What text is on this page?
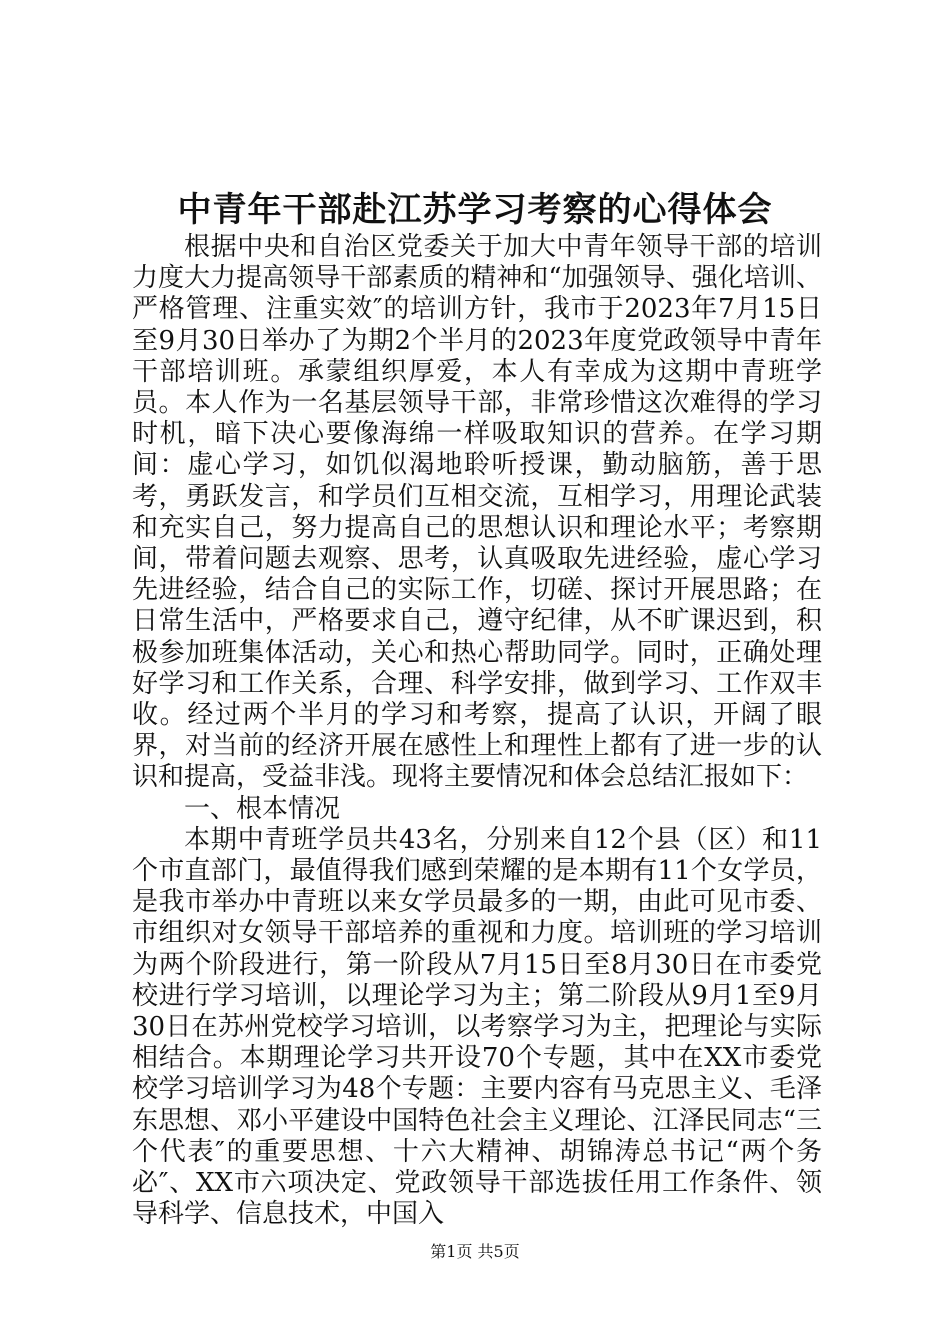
中青年干部赴江苏学习考察的心得体会

根据中央和自治区党委关于加大中青年领导干部的培训力度大力提高领导干部素质的精神和“加强领导、强化培训、严格管理、注重实效″的培训方针，我市于2023年7月15日至9月30日举办了为期2个半月的2023年度党政领导中青年干部培训班。承蒙组织厚爱，本人有幸成为这期中青班学员。本人作为一名基层领导干部，非常珍惜这次难得的学习时机，暗下决心要像海绵一样吸取知识的营养。在学习期间：虚心学习，如饥似渴地聆听授课，勤动脑筋，善于思考，勇跃发言，和学员们互相交流，互相学习，用理论武装和充实自己，努力提高自己的思想认识和理论水平；考察期间，带着问题去观察、思考，认真吸取先进经验，虚心学习先进经验，结合自己的实际工作，切磋、探讨开展思路；在日常生活中，严格要求自己，遵守纪律，从不旷课迟到，积极参加班集体活动，关心和热心帮助同学。同时，正确处理好学习和工作关系，合理、科学安排，做到学习、工作双丰收。经过两个半月的学习和考察，提高了认识，开阔了眼界，对当前的经济开展在感性上和理性上都有了进一步的认识和提高，受益非浅。现将主要情况和体会总结汇报如下：

一、根本情况

本期中青班学员共43名，分别来自12个县（区）和11个市直部门，最值得我们感到荣耀的是本期有11个女学员，是我市举办中青班以来女学员最多的一期，由此可见市委、市组织对女领导干部培养的重视和力度。培训班的学习培训为两个阶段进行，第一阶段从7月15日至8月30日在市委党校进行学习培训，以理论学习为主；第二阶段从9月1至9月30日在苏州党校学习培训，以考察学习为主，把理论与实际相结合。本期理论学习共开设70个专题，其中在XX市委党校学习培训学习为48个专题：主要内容有马克思主义、毛泽东思想、邓小平建设中国特色社会主义理论、江泽民同志“三个代表″的重要思想、十六大精神、胡锦涛总书记“两个务必″、XX市六项决定、党政领导干部选拔任用工作条件、领导科学、信息技术，中国入

第1页 共5页
